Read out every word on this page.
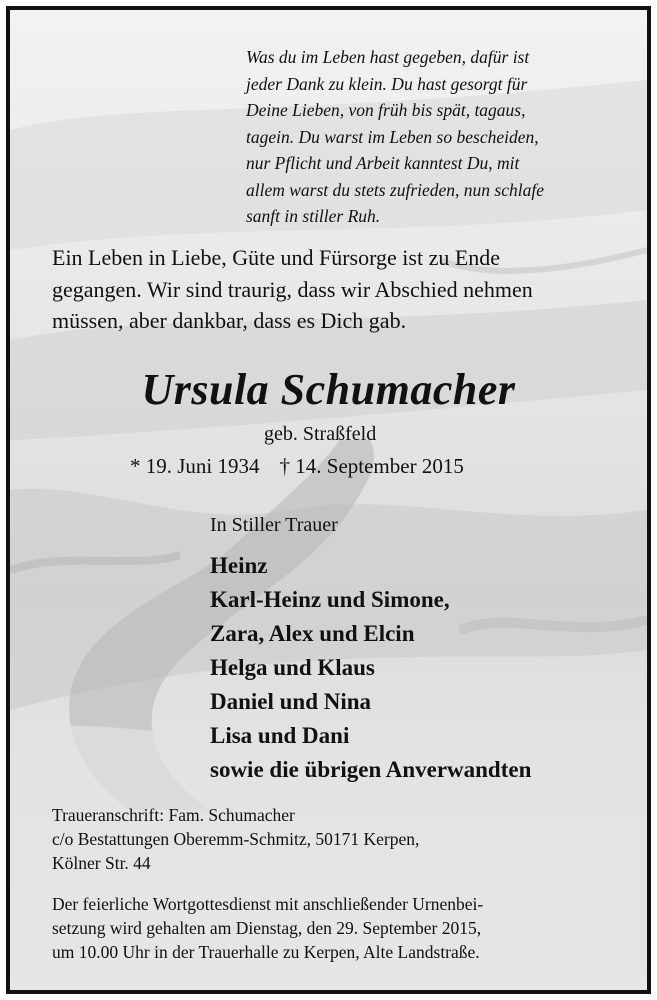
Was du im Leben hast gegeben, dafür ist
jeder Dank zu klein. Du hast gesorgt für
Deine Lieben, von früh bis spät, tagaus,
tagein. Du warst im Leben so bescheiden,
nur Pflicht und Arbeit kanntest Du, mit
allem warst du stets zufrieden, nun schlafe
sanft in stiller Ruh.
Ein Leben in Liebe, Güte und Fürsorge ist zu Ende
gegangen. Wir sind traurig, dass wir Abschied nehmen
müssen, aber dankbar, dass es Dich gab.
Ursula Schumacher
geb. Straßfeld
* 19. Juni 1934 † 14. September 2015
In Stiller Trauer
Heinz
Karl-Heinz und Simone,
Zara, Alex und Elcin
Helga und Klaus
Daniel und Nina
Lisa und Dani
sowie die übrigen Anverwandten
Traueranschrift: Fam. Schumacher
c/o Bestattungen Oberemm-Schmitz, 50171 Kerpen,
Kölner Str. 44
Der feierliche Wortgottesdienst mit anschließender Urnenbei-
setzung wird gehalten am Dienstag, den 29. September 2015,
um 10.00 Uhr in der Trauerhalle zu Kerpen, Alte Landstraße.
